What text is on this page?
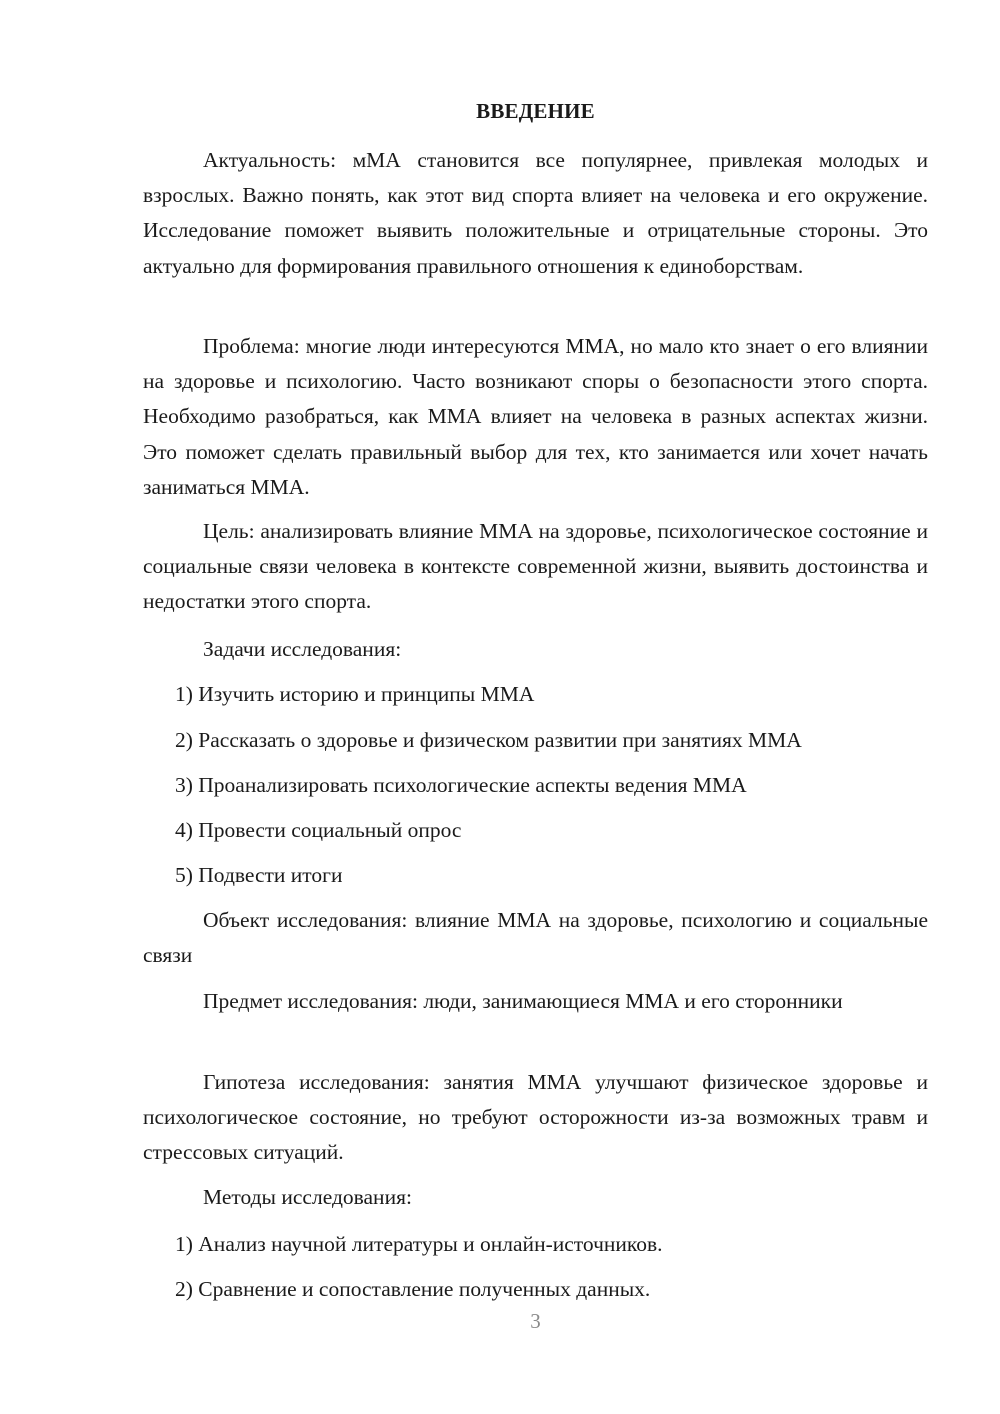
ВВЕДЕНИЕ

Актуальность: мМА становится все популярнее, привлекая молодых и взрослых. Важно понять, как этот вид спорта влияет на человека и его окружение. Исследование поможет выявить положительные и отрицательные стороны. Это актуально для формирования правильного отношения к единоборствам.

Проблема: многие люди интересуются ММА, но мало кто знает о его влиянии на здоровье и психологию. Часто возникают споры о безопасности этого спорта. Необходимо разобраться, как ММА влияет на человека в разных аспектах жизни. Это поможет сделать правильный выбор для тех, кто занимается или хочет начать заниматься ММА.

Цель: анализировать влияние ММА на здоровье, психологическое состояние и социальные связи человека в контексте современной жизни, выявить достоинства и недостатки этого спорта.

Задачи исследования:

1) Изучить историю и принципы ММА

2) Рассказать о здоровье и физическом развитии при занятиях ММА

3) Проанализировать психологические аспекты ведения ММА

4) Провести социальный опрос

5) Подвести итоги

Объект исследования: влияние ММА на здоровье, психологию и социальные связи

Предмет исследования: люди, занимающиеся ММА и его сторонники

Гипотеза исследования: занятия ММА улучшают физическое здоровье и психологическое состояние, но требуют осторожности из-за возможных травм и стрессовых ситуаций.

Методы исследования:

1) Анализ научной литературы и онлайн-источников.

2) Сравнение и сопоставление полученных данных.

3
